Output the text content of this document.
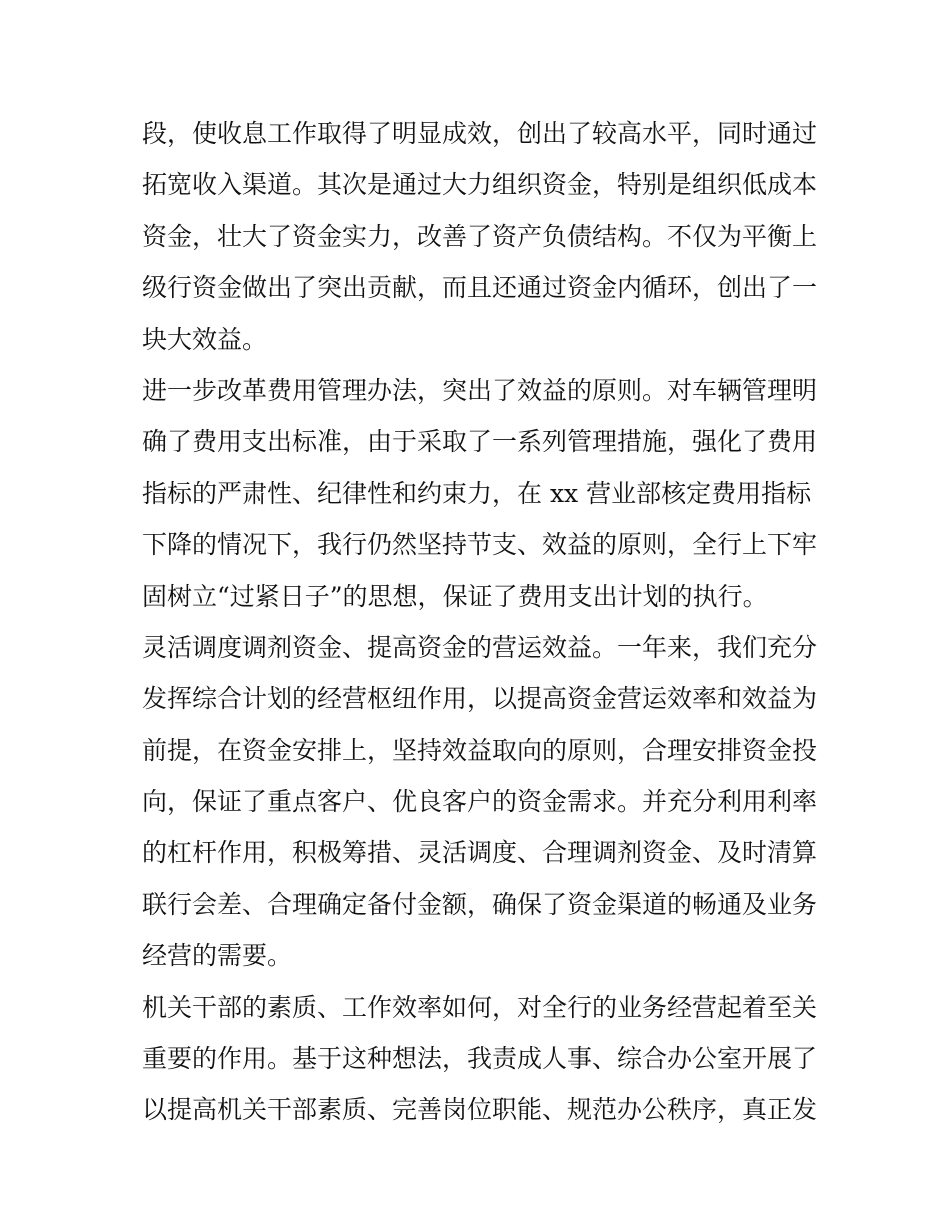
段，使收息工作取得了明显成效，创出了较高水平，同时通过
拓宽收入渠道。其次是通过大力组织资金，特别是组织低成本
资金，壮大了资金实力，改善了资产负债结构。不仅为平衡上
级行资金做出了突出贡献，而且还通过资金内循环，创出了一
块大效益。
进一步改革费用管理办法，突出了效益的原则。对车辆管理明
确了费用支出标准，由于采取了一系列管理措施，强化了费用
指标的严肃性、纪律性和约束力，在 xx 营业部核定费用指标
下降的情况下，我行仍然坚持节支、效益的原则，全行上下牢
固树立“过紧日子”的思想，保证了费用支出计划的执行。
灵活调度调剂资金、提高资金的营运效益。一年来，我们充分
发挥综合计划的经营枢纽作用，以提高资金营运效率和效益为
前提，在资金安排上，坚持效益取向的原则，合理安排资金投
向，保证了重点客户、优良客户的资金需求。并充分利用利率
的杠杆作用，积极筹措、灵活调度、合理调剂资金、及时清算
联行会差、合理确定备付金额，确保了资金渠道的畅通及业务
经营的需要。
机关干部的素质、工作效率如何，对全行的业务经营起着至关
重要的作用。基于这种想法，我责成人事、综合办公室开展了
以提高机关干部素质、完善岗位职能、规范办公秩序，真正发
